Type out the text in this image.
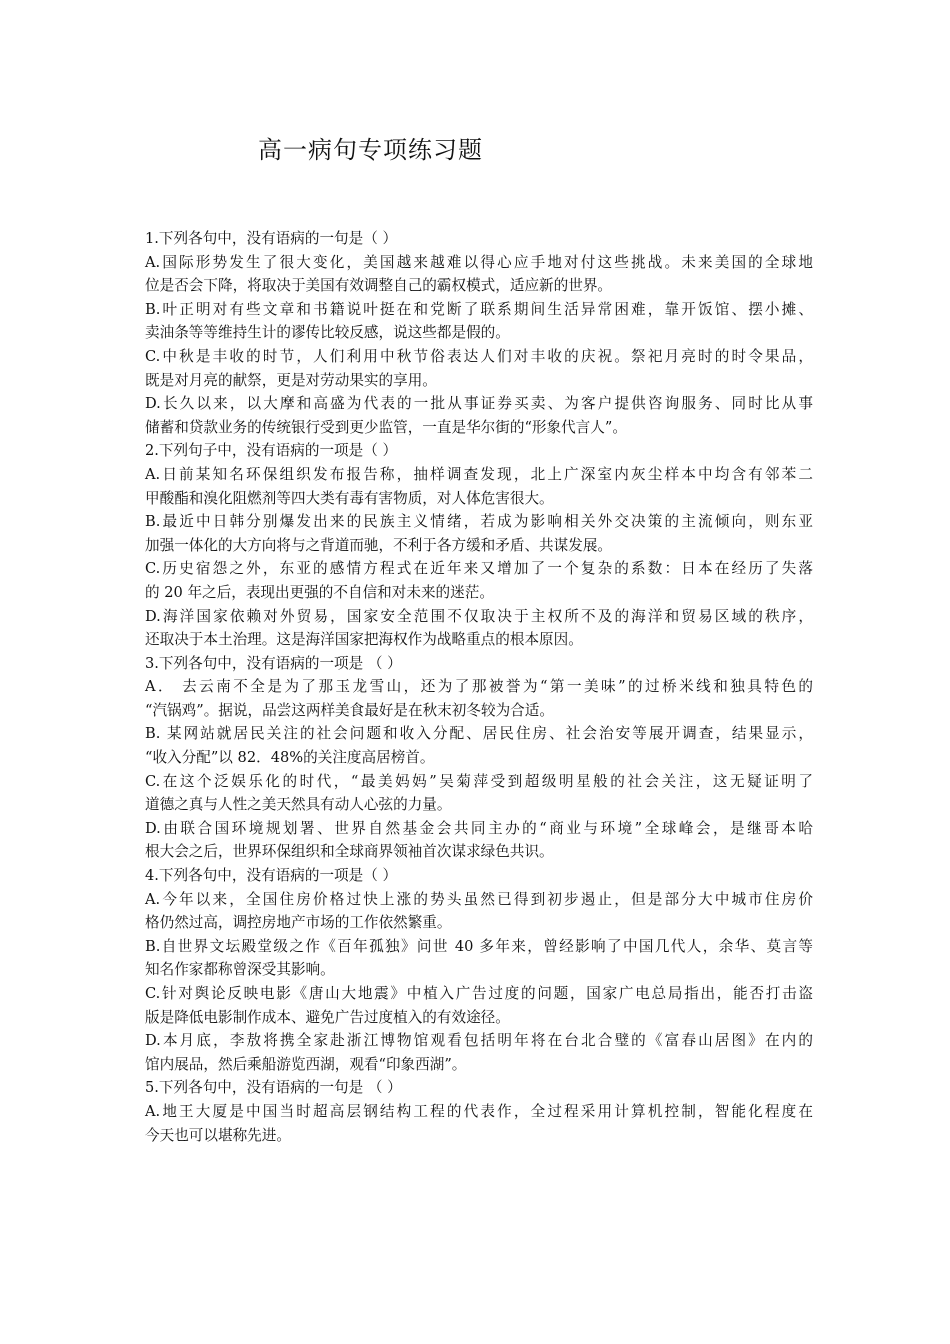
高一病句专项练习题
1.下列各句中，没有语病的一句是（ ）
A.国际形势发生了很大变化，美国越来越难以得心应手地对付这些挑战。未来美国的全球地
位是否会下降，将取决于美国有效调整自己的霸权模式，适应新的世界。
B.叶正明对有些文章和书籍说叶挺在和党断了联系期间生活异常困难，靠开饭馆、摆小摊、
卖油条等等维持生计的谬传比较反感，说这些都是假的。
C.中秋是丰收的时节，人们利用中秋节俗表达人们对丰收的庆祝。祭祀月亮时的时令果品，
既是对月亮的献祭，更是对劳动果实的享用。
D.长久以来，以大摩和高盛为代表的一批从事证券买卖、为客户提供咨询服务、同时比从事
储蓄和贷款业务的传统银行受到更少监管，一直是华尔街的“形象代言人”。
2.下列句子中，没有语病的一项是（ ）
A.日前某知名环保组织发布报告称，抽样调查发现，北上广深室内灰尘样本中均含有邻苯二
甲酸酯和溴化阻燃剂等四大类有毒有害物质，对人体危害很大。
B.最近中日韩分别爆发出来的民族主义情绪，若成为影响相关外交决策的主流倾向，则东亚
加强一体化的大方向将与之背道而驰，不利于各方缓和矛盾、共谋发展。
C.历史宿怨之外，东亚的感情方程式在近年来又增加了一个复杂的系数：日本在经历了失落
的 20 年之后，表现出更强的不自信和对未来的迷茫。
D.海洋国家依赖对外贸易，国家安全范围不仅取决于主权所不及的海洋和贸易区域的秩序，
还取决于本土治理。这是海洋国家把海权作为战略重点的根本原因。
3.下列各句中，没有语病的一项是 （ ）
A． 去云南不全是为了那玉龙雪山，还为了那被誉为“第一美味”的过桥米线和独具特色的
“汽锅鸡”。据说，品尝这两样美食最好是在秋末初冬较为合适。
B. 某网站就居民关注的社会问题和收入分配、居民住房、社会治安等展开调查，结果显示，
“收入分配”以 82．48%的关注度高居榜首。
C.在这个泛娱乐化的时代，“最美妈妈”吴菊萍受到超级明星般的社会关注，这无疑证明了
道德之真与人性之美天然具有动人心弦的力量。
D.由联合国环境规划署、世界自然基金会共同主办的“商业与环境”全球峰会，是继哥本哈
根大会之后，世界环保组织和全球商界领袖首次谋求绿色共识。
4.下列各句中，没有语病的一项是（ ）
A.今年以来，全国住房价格过快上涨的势头虽然已得到初步遏止，但是部分大中城市住房价
格仍然过高，调控房地产市场的工作依然繁重。
B.自世界文坛殿堂级之作《百年孤独》问世 40 多年来，曾经影响了中国几代人，余华、莫言等
知名作家都称曾深受其影响。
C.针对舆论反映电影《唐山大地震》中植入广告过度的问题，国家广电总局指出，能否打击盗
版是降低电影制作成本、避免广告过度植入的有效途径。
D.本月底，李敖将携全家赴浙江博物馆观看包括明年将在台北合璧的《富春山居图》在内的
馆内展品，然后乘船游览西湖，观看“印象西湖”。
5.下列各句中，没有语病的一句是 （ ）
A.地王大厦是中国当时超高层钢结构工程的代表作，全过程采用计算机控制，智能化程度在
今天也可以堪称先进。
